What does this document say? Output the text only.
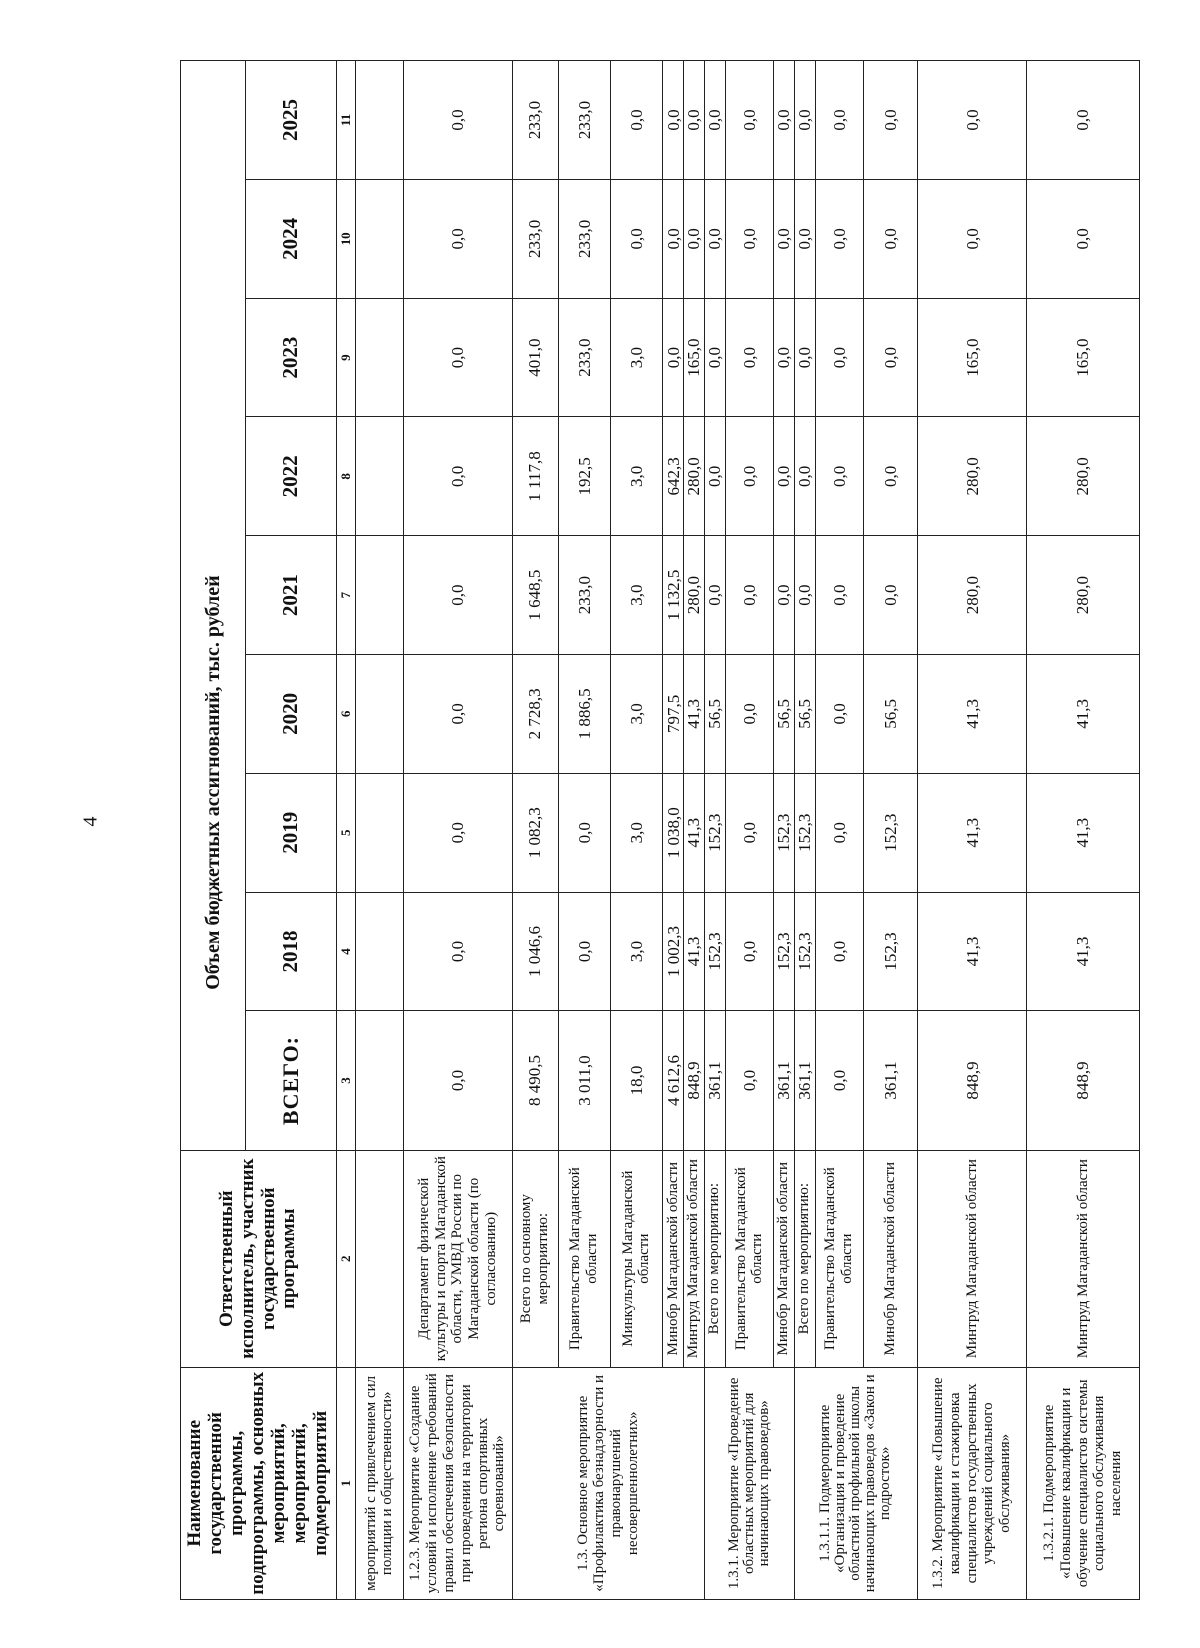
4
Наименование государственной программы, подпрограммы, основных мероприятий, мероприятий, подмероприятий	Ответственный исполнитель, участник государственной программы	Объем бюджетных ассигнований, тыс. рублей								
		ВСЕГО:	2018	2019	2020	2021	2022	2023	2024	2025
1	2	3	4	5	6	7	8	9	10	11
мероприятий с привлечением сил полиции и общественности»										
1.2.3. Мероприятие «Создание условий и исполнение требований правил обеспечения безопасности при проведении на территории региона спортивных соревнований»	Департамент физической культуры и спорта Магаданской области, УМВД России по Магаданской области (по согласованию)	0,0	0,0	0,0	0,0	0,0	0,0	0,0	0,0	0,0
1.3. Основное мероприятие «Профилактика безнадзорности и правонарушений несовершеннолетних»	Всего по основному мероприятию:	8 490,5	1 046,6	1 082,3	2 728,3	1 648,5	1 117,8	401,0	233,0	233,0
	Правительство Магаданской области	3 011,0	0,0	0,0	1 886,5	233,0	192,5	233,0	233,0	233,0
	Минкультуры Магаданской области	18,0	3,0	3,0	3,0	3,0	3,0	3,0	0,0	0,0
	Минобр Магаданской области	4 612,6	1 002,3	1 038,0	797,5	1 132,5	642,3	0,0	0,0	0,0
	Минтруд Магаданской области	848,9	41,3	41,3	41,3	280,0	280,0	165,0	0,0	0,0
1.3.1. Мероприятие «Проведение областных мероприятий для начинающих правоведов»	Всего по мероприятию:	361,1	152,3	152,3	56,5	0,0	0,0	0,0	0,0	0,0
	Правительство Магаданской области	0,0	0,0	0,0	0,0	0,0	0,0	0,0	0,0	0,0
	Минобр Магаданской области	361,1	152,3	152,3	56,5	0,0	0,0	0,0	0,0	0,0
1.3.1.1. Подмероприятие «Организация и проведение областной профильной школы начинающих правоведов «Закон и подросток»	Всего по мероприятию:	361,1	152,3	152,3	56,5	0,0	0,0	0,0	0,0	0,0
	Правительство Магаданской области	0,0	0,0	0,0	0,0	0,0	0,0	0,0	0,0	0,0
	Минобр Магаданской области	361,1	152,3	152,3	56,5	0,0	0,0	0,0	0,0	0,0
1.3.2. Мероприятие «Повышение квалификации и стажировка специалистов государственных учреждений социального обслуживания»	Минтруд Магаданской области	848,9	41,3	41,3	41,3	280,0	280,0	165,0	0,0	0,0
1.3.2.1. Подмероприятие «Повышение квалификации и обучение специалистов системы социального обслуживания населения	Минтруд Магаданской области	848,9	41,3	41,3	41,3	280,0	280,0	165,0	0,0	0,0
